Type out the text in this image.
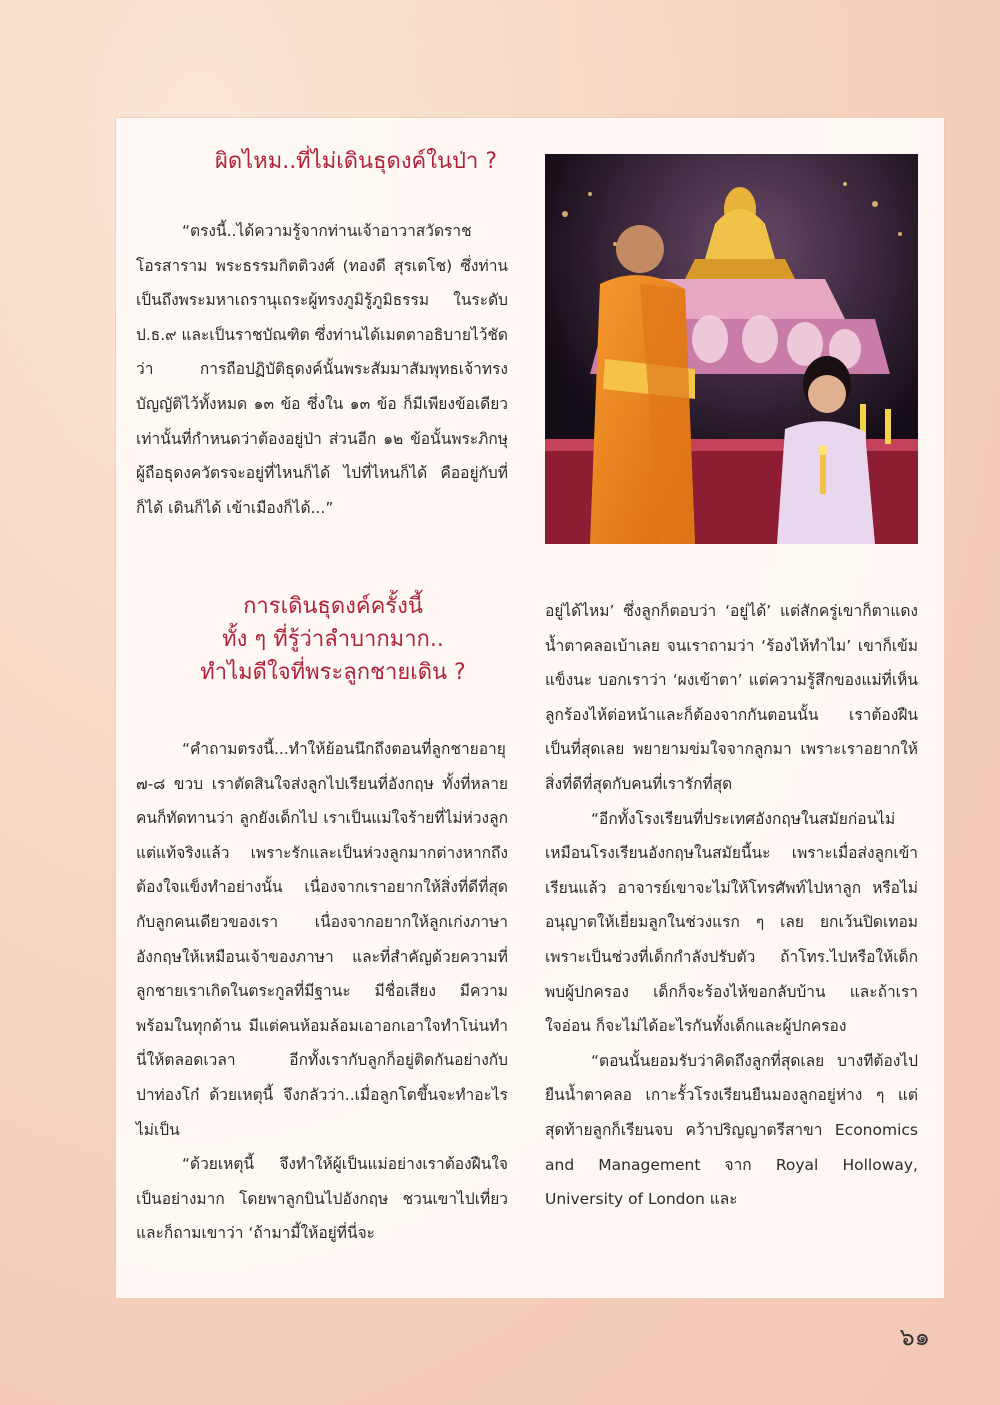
ผิดไหม..ที่ไม่เดินธุดงค์ในป่า ?

“ตรงนี้..ได้ความรู้จากท่านเจ้าอาวาสวัดราชโอรสาราม พระธรรมกิตติวงศ์ (ทองดี สุรเตโช) ซึ่งท่านเป็นถึงพระมหาเถรานุเถระผู้ทรงภูมิรู้ภูมิธรรม ในระดับ ป.ธ.๙ และเป็นราชบัณฑิต ซึ่งท่านได้เมตตาอธิบายไว้ชัดว่า การถือปฏิบัติธุดงค์นั้นพระสัมมาสัมพุทธเจ้าทรงบัญญัติไว้ทั้งหมด ๑๓ ข้อ ซึ่งใน ๑๓ ข้อ ก็มีเพียงข้อเดียวเท่านั้นที่กำหนดว่าต้องอยู่ป่า ส่วนอีก ๑๒ ข้อนั้นพระภิกษุผู้ถือธุดงควัตรจะอยู่ที่ไหนก็ได้ ไปที่ไหนก็ได้ คืออยู่กับที่ก็ได้ เดินก็ได้ เข้าเมืองก็ได้...”

การเดินธุดงค์ครั้งนี้
ทั้ง ๆ ที่รู้ว่าลำบากมาก..
ทำไมดีใจที่พระลูกชายเดิน ?

“คำถามตรงนี้...ทำให้ย้อนนึกถึงตอนที่ลูกชายอายุ ๗-๘ ขวบ เราตัดสินใจส่งลูกไปเรียนที่อังกฤษ ทั้งที่หลายคนก็ทัดทานว่า ลูกยังเด็กไป เราเป็นแม่ใจร้ายที่ไม่ห่วงลูก แต่แท้จริงแล้ว เพราะรักและเป็นห่วงลูกมากต่างหากถึงต้องใจแข็งทำอย่างนั้น เนื่องจากเราอยากให้สิ่งที่ดีที่สุดกับลูกคนเดียวของเรา เนื่องจากอยากให้ลูกเก่งภาษาอังกฤษให้เหมือนเจ้าของภาษา และที่สำคัญด้วยความที่ลูกชายเราเกิดในตระกูลที่มีฐานะ มีชื่อเสียง มีความพร้อมในทุกด้าน มีแต่คนห้อมล้อมเอาอกเอาใจทำโน่นทำนี่ให้ตลอดเวลา อีกทั้งเรากับลูกก็อยู่ติดกันอย่างกับปาท่องโก๋ ด้วยเหตุนี้ จึงกลัวว่า..เมื่อลูกโตขึ้นจะทำอะไรไม่เป็น

“ด้วยเหตุนี้ จึงทำให้ผู้เป็นแม่อย่างเราต้องฝืนใจเป็นอย่างมาก โดยพาลูกบินไปอังกฤษ ชวนเขาไปเที่ยวและก็ถามเขาว่า ‘ถ้ามามี้ให้อยู่ที่นี่จะ

อยู่ได้ไหม’ ซึ่งลูกก็ตอบว่า ‘อยู่ได้’ แต่สักครู่เขาก็ตาแดงน้ำตาคลอเบ้าเลย จนเราถามว่า ‘ร้องไห้ทำไม’ เขาก็เข้มแข็งนะ บอกเราว่า ‘ผงเข้าตา’ แต่ความรู้สึกของแม่ที่เห็นลูกร้องไห้ต่อหน้าและก็ต้องจากกันตอนนั้น เราต้องฝืนเป็นที่สุดเลย พยายามข่มใจจากลูกมา เพราะเราอยากให้สิ่งที่ดีที่สุดกับคนที่เรารักที่สุด

“อีกทั้งโรงเรียนที่ประเทศอังกฤษในสมัยก่อนไม่เหมือนโรงเรียนอังกฤษในสมัยนี้นะ เพราะเมื่อส่งลูกเข้าเรียนแล้ว อาจารย์เขาจะไม่ให้โทรศัพท์ไปหาลูก หรือไม่อนุญาตให้เยี่ยมลูกในช่วงแรก ๆ เลย ยกเว้นปิดเทอม เพราะเป็นช่วงที่เด็กกำลังปรับตัว ถ้าโทร.ไปหรือให้เด็กพบผู้ปกครอง เด็กก็จะร้องไห้ขอกลับบ้าน และถ้าเราใจอ่อน ก็จะไม่ได้อะไรกันทั้งเด็กและผู้ปกครอง

“ตอนนั้นยอมรับว่าคิดถึงลูกที่สุดเลย บางทีต้องไปยืนน้ำตาคลอ เกาะรั้วโรงเรียนยืนมองลูกอยู่ห่าง ๆ แต่สุดท้ายลูกก็เรียนจบ คว้าปริญญาตรีสาขา Economics and Management จาก Royal Holloway, University of London และ

๖๑
